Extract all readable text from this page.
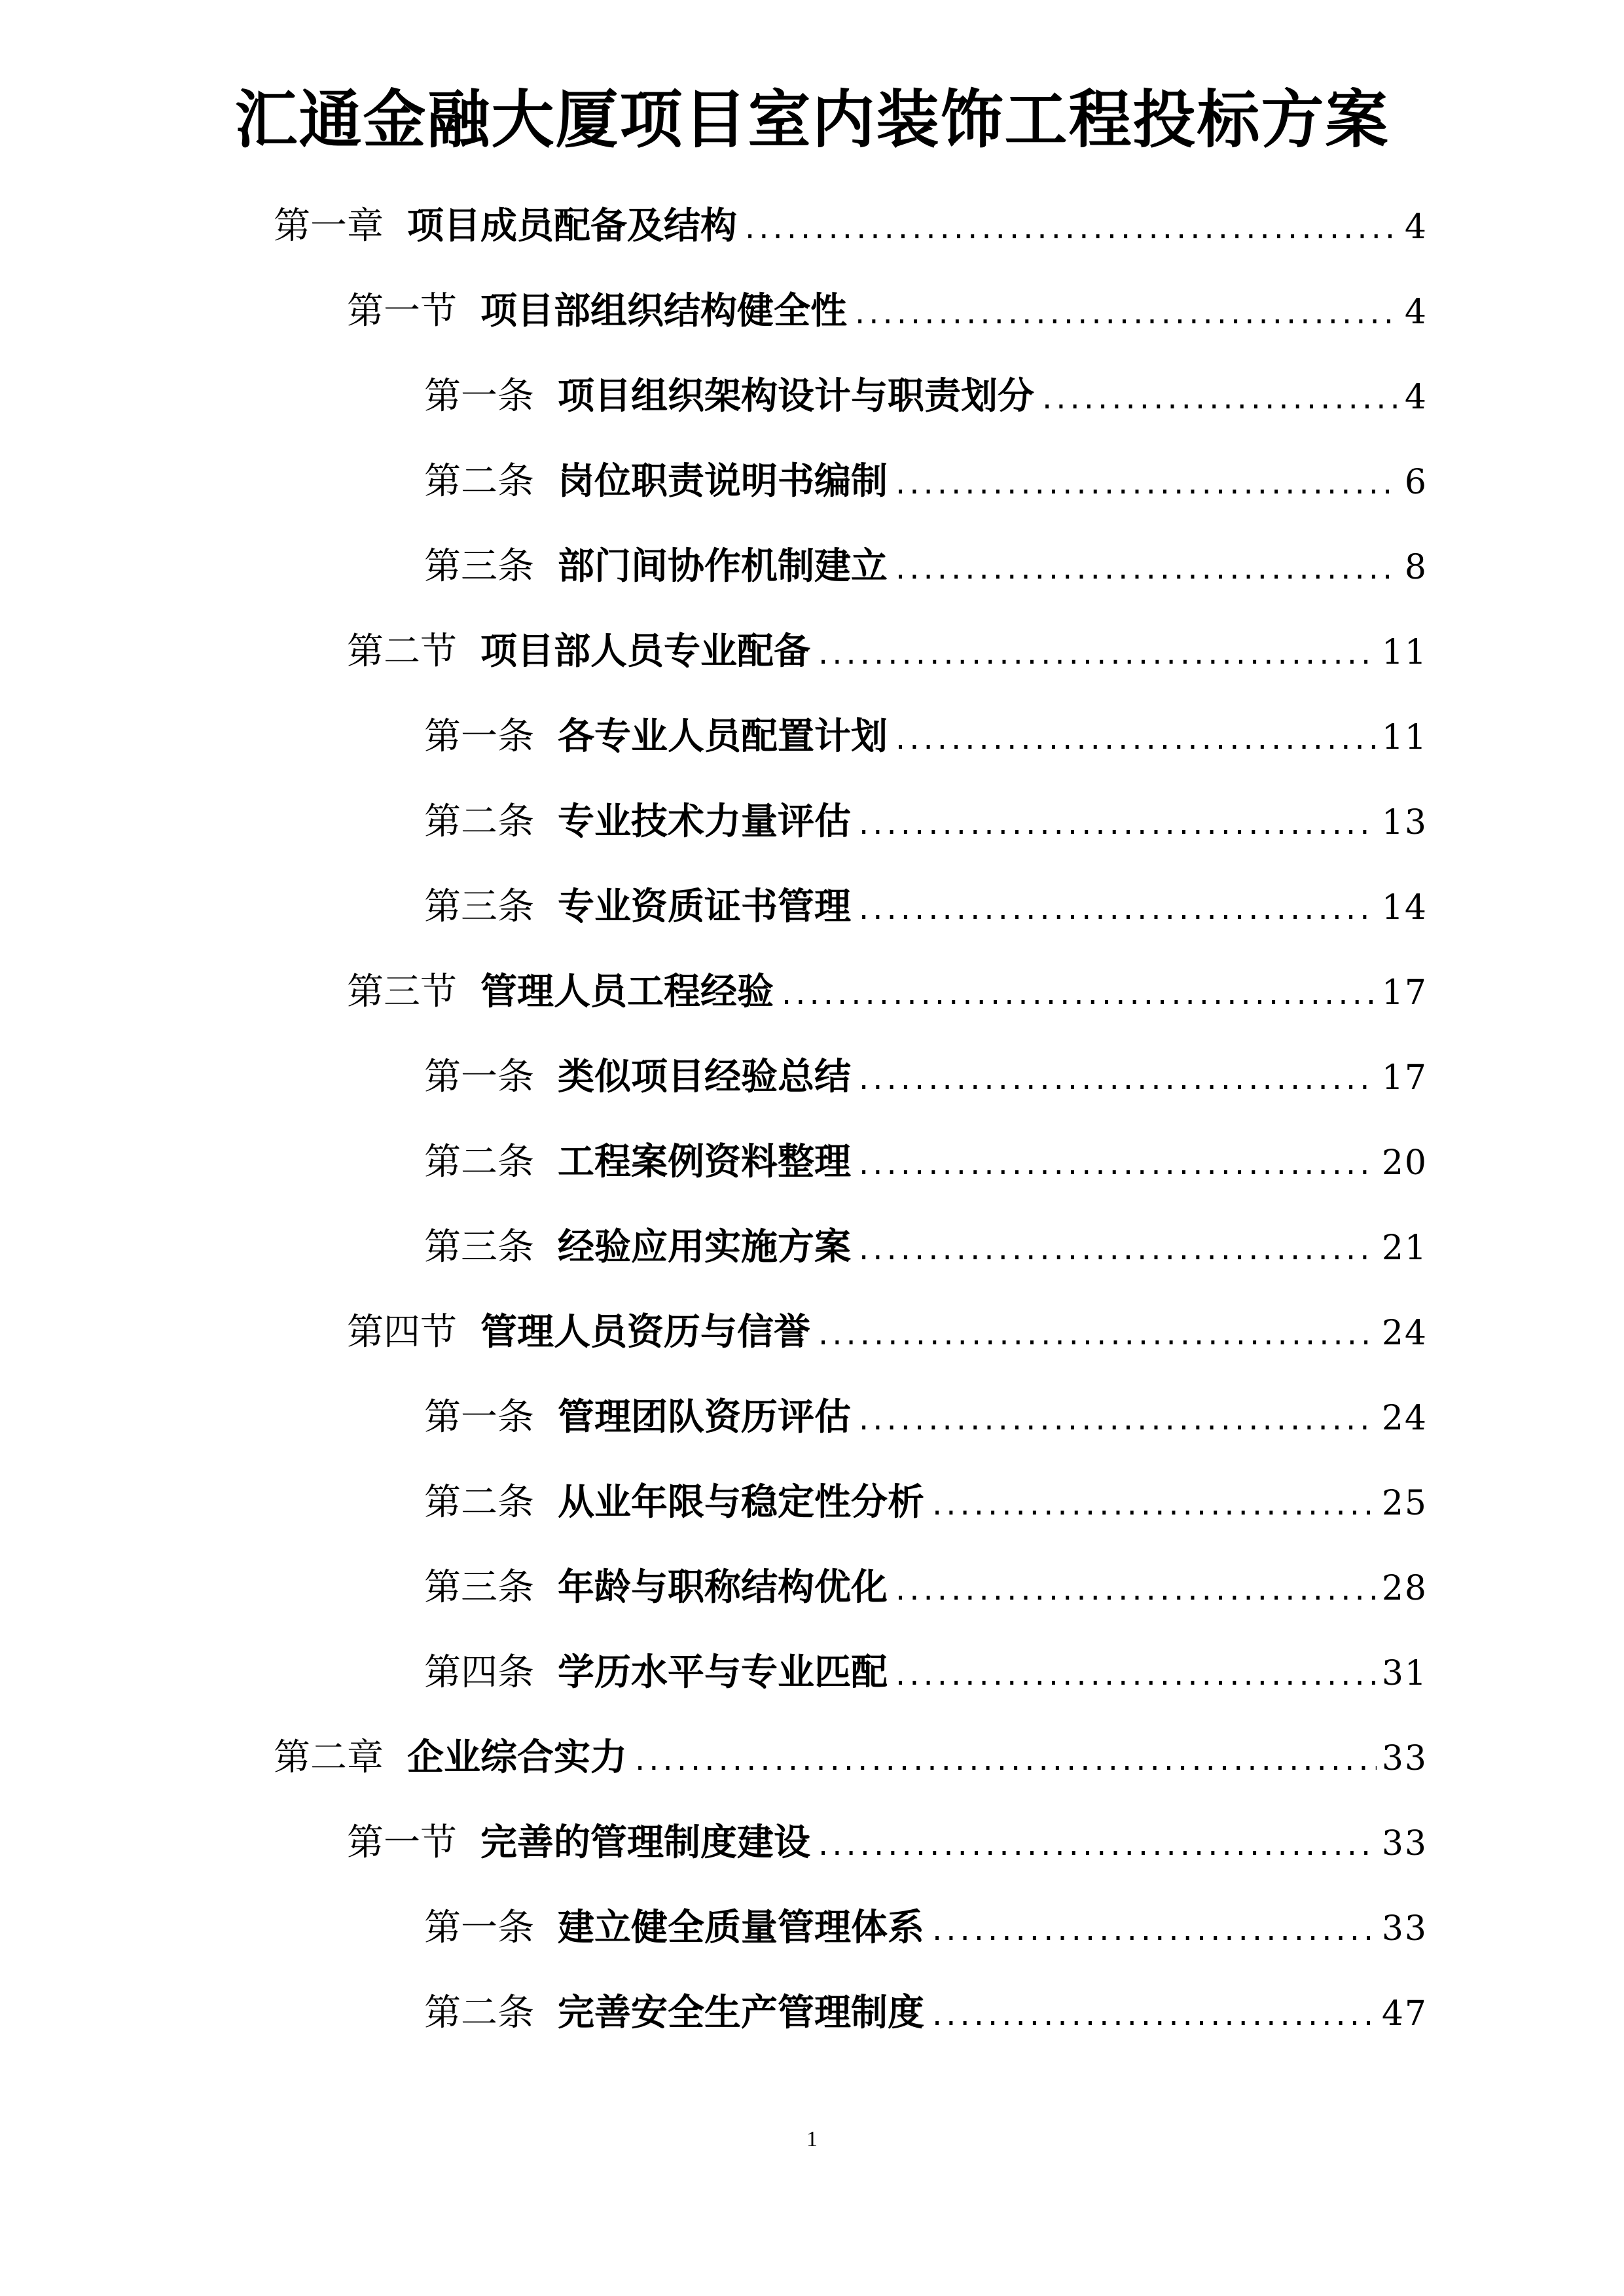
汇通金融大厦项目室内装饰工程投标方案
第一章 项目成员配备及结构 .....	4
第一节 项目部组织结构健全性 .....	4
第一条 项目组织架构设计与职责划分 .....	4
第二条 岗位职责说明书编制 .....	6
第三条 部门间协作机制建立 .....	8
第二节 项目部人员专业配备 .....	11
第一条 各专业人员配置计划 .....	11
第二条 专业技术力量评估 .....	13
第三条 专业资质证书管理 .....	14
第三节 管理人员工程经验 .....	17
第一条 类似项目经验总结 .....	17
第二条 工程案例资料整理 .....	20
第三条 经验应用实施方案 .....	21
第四节 管理人员资历与信誉 .....	24
第一条 管理团队资历评估 .....	24
第二条 从业年限与稳定性分析 .....	25
第三条 年龄与职称结构优化 .....	28
第四条 学历水平与专业匹配 .....	31
第二章 企业综合实力 .....	33
第一节 完善的管理制度建设 .....	33
第一条 建立健全质量管理体系 .....	33
第二条 完善安全生产管理制度 .....	47
1
